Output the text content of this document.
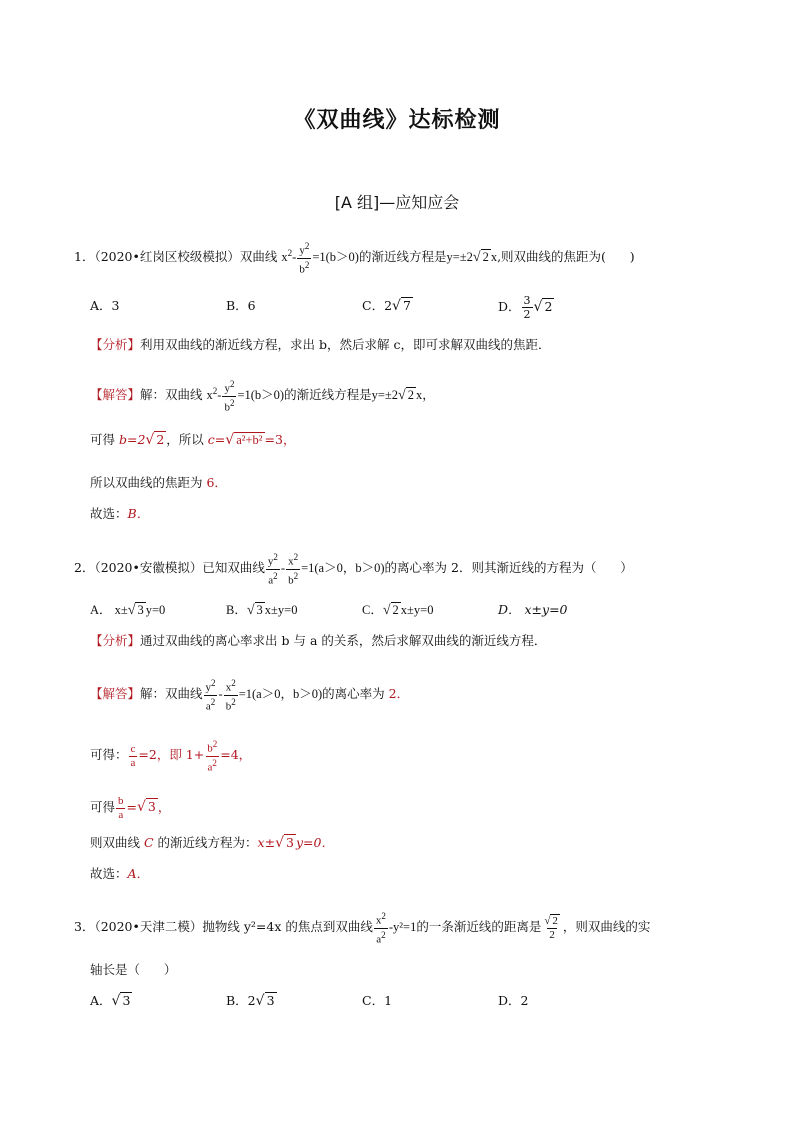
《双曲线》达标检测
[A 组]—应知应会
1．（2020•红岗区校级模拟）双曲线 $x^2- \frac{y^2}{b^2} =1(b>0)$的渐近线方程是y=±2√ 2 x,则双曲线的焦距为( )
A．3	B．6	C．2√ 7	D． $\frac{3}{2}$ √ 2
【分析】利用双曲线的渐近线方程，求出 b，然后求解 c，即可求解双曲线的焦距．
【解答】解：双曲线 $x^2- \frac{y^2}{b^2} =1(b>0)$的渐近线方程是y=±2√ 2 x，
可得 b=2√ 2 ，所以 c=√ a²+b² =3，
所以双曲线的焦距为 6．
故选：B．
2．（2020•安徽模拟）已知双曲线 $\frac{y^2}{a^2} - \frac{x^2}{b^2} =1(a>0$，b＞0)的离心率为 2．则其渐近线的方程为（ ）
A． x±√ 3 y=0	B．√ 3 x±y=0	C．√ 2 x±y=0	D． x±y=0
【分析】通过双曲线的离心率求出 b 与 a 的关系，然后求解双曲线的渐近线方程．
【解答】解：双曲线 $\frac{y^2}{a^2} - \frac{x^2}{b^2} =1(a>0$，b＞0)的离心率为 2．
可得： $\frac{c}{a} =2$，即 $1+ \frac{b^2}{a^2} =4$，
可得 $\frac{b}{a}$ =√ 3 ，
则双曲线 C 的渐近线方程为：x±√ 3 y=0．
故选：A．
3．（2020•天津二模）抛物线 y²=4x 的焦点到双曲线 $\frac{x^2}{a^2} -y^2=1$的一条渐近线的距离是 $\frac{√ 2}{2}$ ，则双曲线的实
轴长是（ ）
A．√ 3	B．2√ 3	C．1	D．2
